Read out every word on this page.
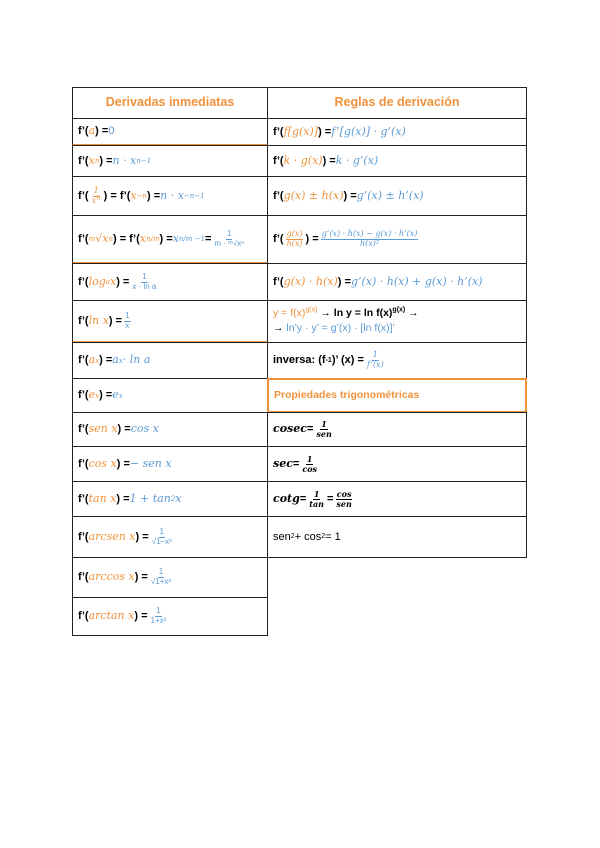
Derivadas inmediatas
f’( a ) = 0
f’( x n ) = n · x n−1
f’( $\frac{1}{x^n}$ ) = f’( x −n ) = n · x −n−1
f’( m √ x n ) = f’( x n/m ) = x $n/m -1 = \frac{1}{\text{m · ᵐ√xⁿ}}$
f’( log a x ) = $\frac{1}{\text{x · ln a}}$
f’( ln x ) = $\frac{1}{x}$
f’( a x ) = a x · ln a
f’( e x ) = e x
f’( sen x ) = cos x
f’( cos x ) = − sen x
f’( tan x ) = 1 + tan 2 x
f’( arcsen x ) = $\frac{1}{\text{√1−x²}}$
f’( arccos x ) = $\frac{1}{\text{√1+x²}}$
f’( arctan x ) = $\frac{1}{\text{1+x²}}$
Reglas de derivación
f’( f[g(x)] ) = f’[g(x)] · g’(x)
f’( k · g(x) ) = k · g’(x)
f’( g(x) ± h(x) ) = g’(x) ± h’(x)
f’( $\frac{g(x)}{h(x)}$ ) = $\frac{g’(x) \cdot h(x) - g(x) \cdot h’(x)}{\text{h(x)²}}$
f’( g(x) · h(x) ) = g’(x) · h(x) + g(x) · h’(x)
$y = f(x)^{g(x)} \to \ln y = \ln f(x)^{g(x)}$ →
→ ln’y · y’ = g’(x) · [ln f(x)]’
inversa: (f -1 )’ $(x) = \frac{1}{f’(x)}$
Propiedades trigonométricas
$cosec = \frac{1}{\text{sen}}$
$\sec = \frac{1}{\cos}$
$\cot g = \frac{1}{\tan} = \frac{\cos}{\text{sen}}$
sen 2 + cos 2 = 1
